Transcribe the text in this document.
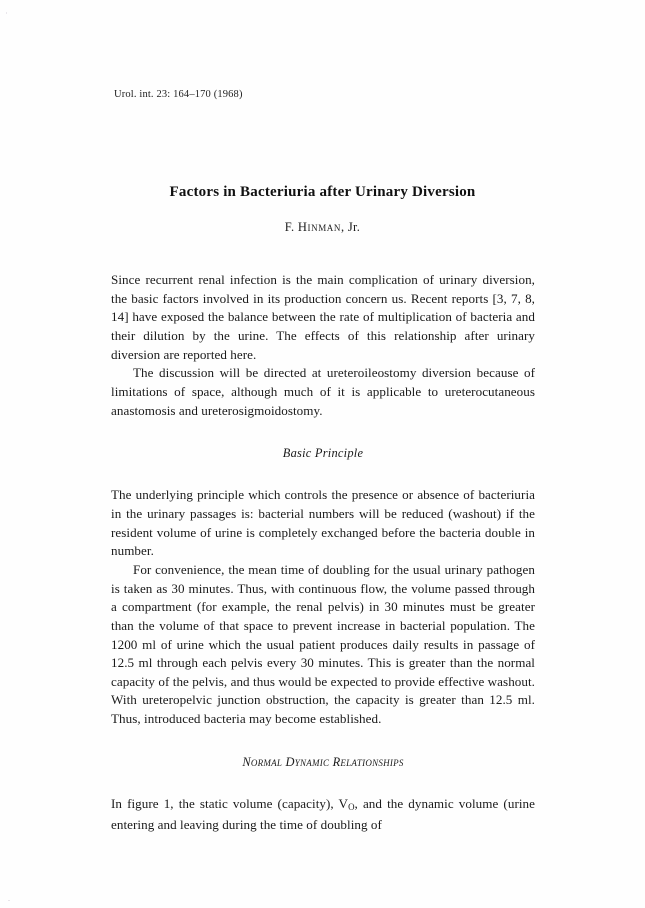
Urol. int. 23: 164–170 (1968)
Factors in Bacteriuria after Urinary Diversion
F. Hinman, Jr.

Since recurrent renal infection is the main complication of urinary diversion, the basic factors involved in its production concern us. Recent reports [3, 7, 8, 14] have exposed the balance between the rate of multiplication of bacteria and their dilution by the urine. The effects of this relationship after urinary diversion are reported here.

The discussion will be directed at ureteroileostomy diversion because of limitations of space, although much of it is applicable to ureterocutaneous anastomosis and ureterosigmoidostomy.

Basic Principle

The underlying principle which controls the presence or absence of bacteriuria in the urinary passages is: bacterial numbers will be reduced (washout) if the resident volume of urine is completely exchanged before the bacteria double in number.

For convenience, the mean time of doubling for the usual urinary pathogen is taken as 30 minutes. Thus, with continuous flow, the volume passed through a compartment (for example, the renal pelvis) in 30 minutes must be greater than the volume of that space to prevent increase in bacterial population. The 1200 ml of urine which the usual patient produces daily results in passage of 12.5 ml through each pelvis every 30 minutes. This is greater than the normal capacity of the pelvis, and thus would be expected to provide effective washout. With ureteropelvic junction obstruction, the capacity is greater than 12.5 ml. Thus, introduced bacteria may become established.

Normal Dynamic Relationships

In figure 1, the static volume (capacity), $V_O$, and the dynamic volume (urine entering and leaving during the time of doubling of
